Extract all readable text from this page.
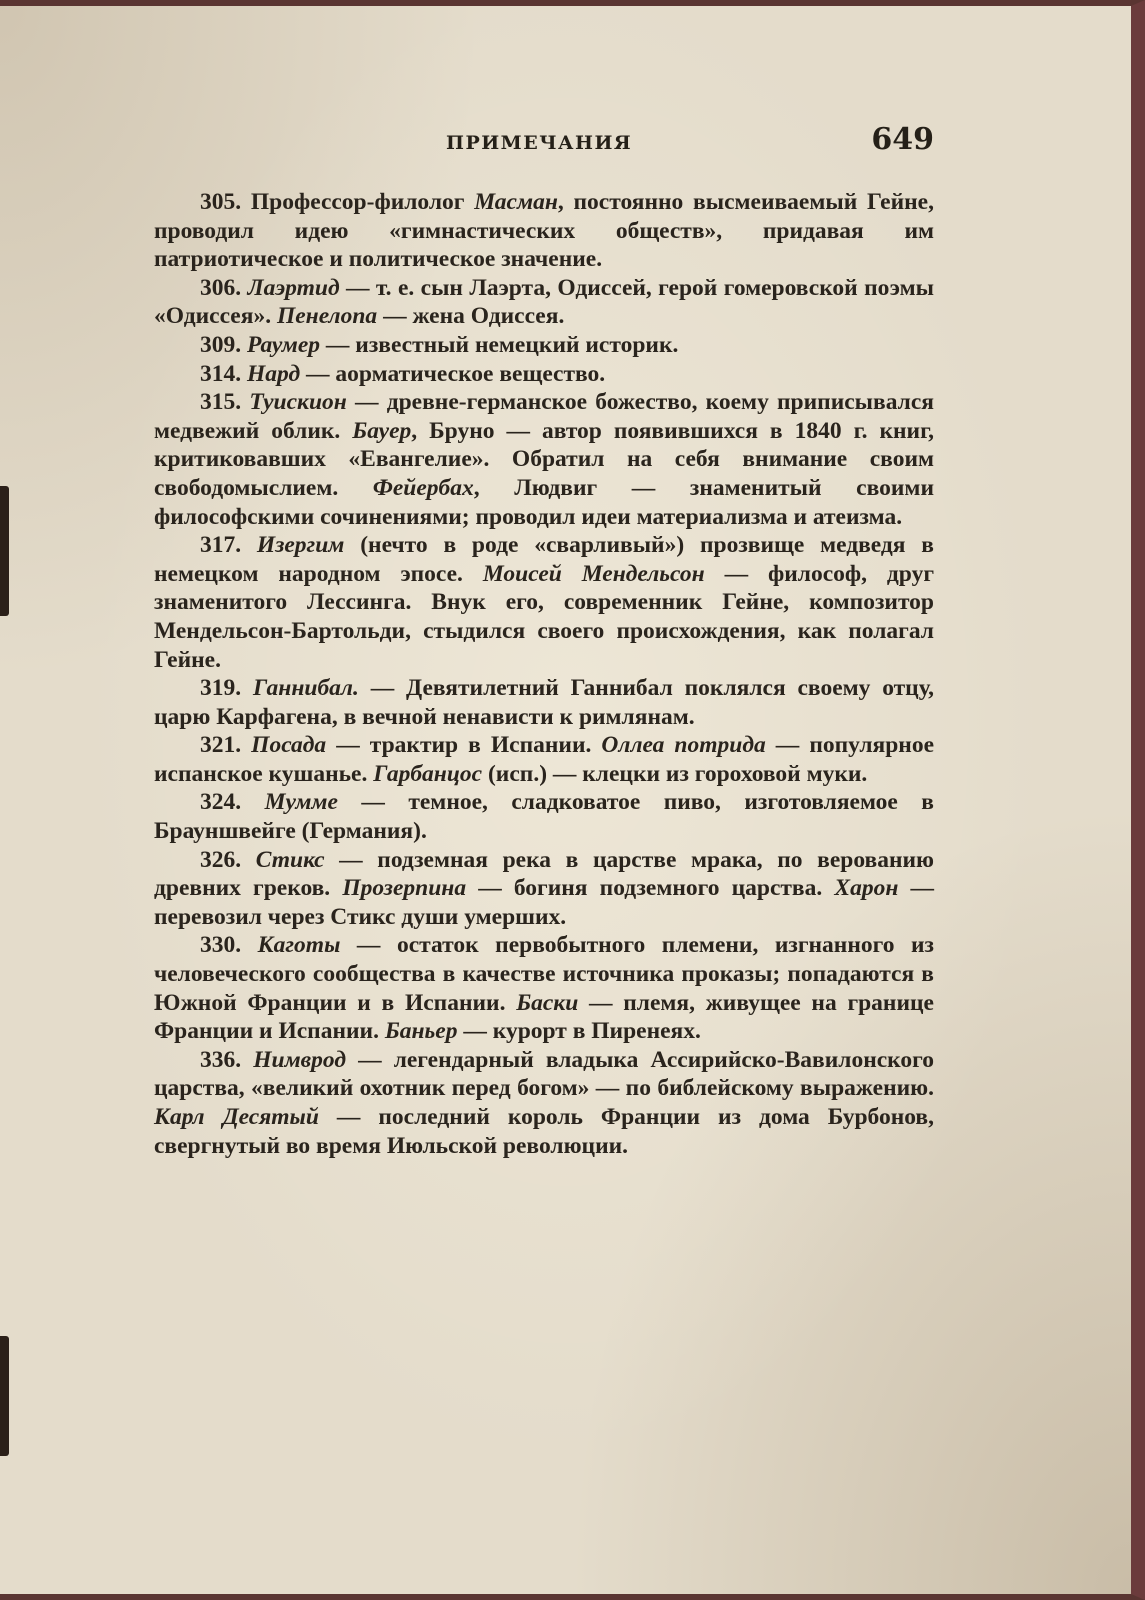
ПРИМЕЧАНИЯ	649

305. Профессор-филолог Масман, постоянно высмеиваемый Гейне, проводил идею «гимнастических обществ», придавая им патриотическое и политическое значение.

306. Лаэртид — т. е. сын Лаэрта, Одиссей, герой гомеровской поэмы «Одиссея». Пенелопа — жена Одиссея.

309. Раумер — известный немецкий историк.

314. Нард — аорматическое вещество.

315. Туискион — древне-германское божество, коему приписывался медвежий облик. Бауер, Бруно — автор появившихся в 1840 г. книг, критиковавших «Евангелие». Обратил на себя внимание своим свободомыслием. Фейербах, Людвиг — знаменитый своими философскими сочинениями; проводил идеи материализма и атеизма.

317. Изергим (нечто в роде «сварливый») прозвище медведя в немецком народном эпосе. Моисей Мендельсон — философ, друг знаменитого Лессинга. Внук его, современник Гейне, композитор Мендельсон-Бартольди, стыдился своего происхождения, как полагал Гейне.

319. Ганнибал. — Девятилетний Ганнибал поклялся своему отцу, царю Карфагена, в вечной ненависти к римлянам.

321. Посада — трактир в Испании. Оллеа потрида — популярное испанское кушанье. Гарбанцос (исп.) — клецки из гороховой муки.

324. Мумме — темное, сладковатое пиво, изготовляемое в Брауншвейге (Германия).

326. Стикс — подземная река в царстве мрака, по верованию древних греков. Прозерпина — богиня подземного царства. Харон — перевозил через Стикс души умерших.

330. Каготы — остаток первобытного племени, изгнанного из человеческого сообщества в качестве источника проказы; попадаются в Южной Франции и в Испании. Баски — племя, живущее на границе Франции и Испании. Баньер — курорт в Пиренеях.

336. Нимврод — легендарный владыка Ассирийско-Вавилонского царства, «великий охотник перед богом» — по библейскому выражению. Карл Десятый — последний король Франции из дома Бурбонов, свергнутый во время Июльской революции.
